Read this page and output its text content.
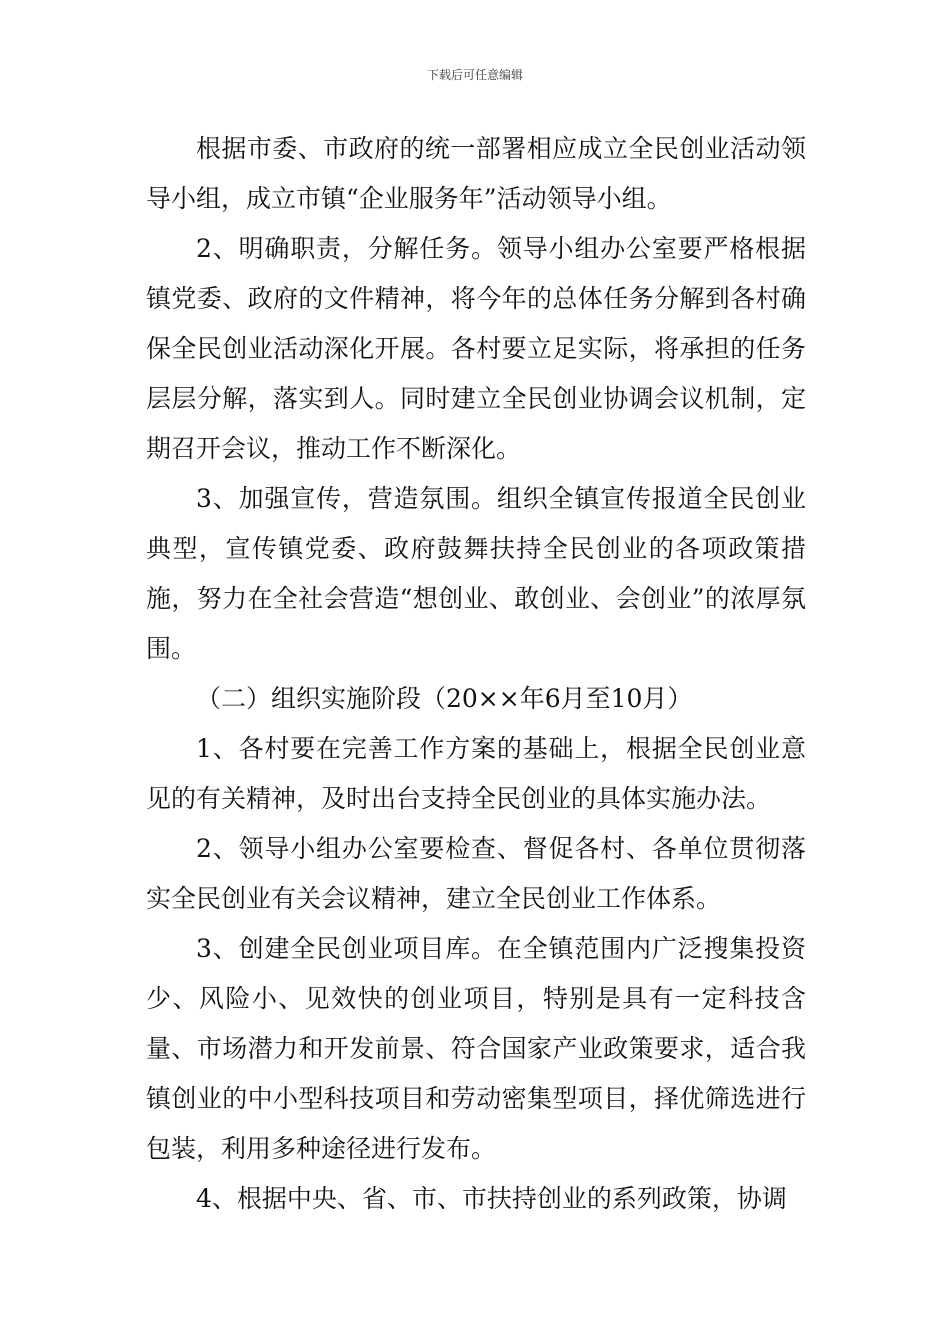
下载后可任意编辑

根据市委、市政府的统一部署相应成立全民创业活动领导小组，成立市镇“企业服务年”活动领导小组。

2、明确职责，分解任务。领导小组办公室要严格根据镇党委、政府的文件精神，将今年的总体任务分解到各村确保全民创业活动深化开展。各村要立足实际，将承担的任务层层分解，落实到人。同时建立全民创业协调会议机制，定期召开会议，推动工作不断深化。

3、加强宣传，营造氛围。组织全镇宣传报道全民创业典型，宣传镇党委、政府鼓舞扶持全民创业的各项政策措施，努力在全社会营造“想创业、敢创业、会创业”的浓厚氛围。

（二）组织实施阶段（20××年6月至10月）

1、各村要在完善工作方案的基础上，根据全民创业意见的有关精神，及时出台支持全民创业的具体实施办法。

2、领导小组办公室要检查、督促各村、各单位贯彻落实全民创业有关会议精神，建立全民创业工作体系。

3、创建全民创业项目库。在全镇范围内广泛搜集投资少、风险小、见效快的创业项目，特别是具有一定科技含量、市场潜力和开发前景、符合国家产业政策要求，适合我镇创业的中小型科技项目和劳动密集型项目，择优筛选进行包装，利用多种途径进行发布。

4、根据中央、省、市、市扶持创业的系列政策，协调
